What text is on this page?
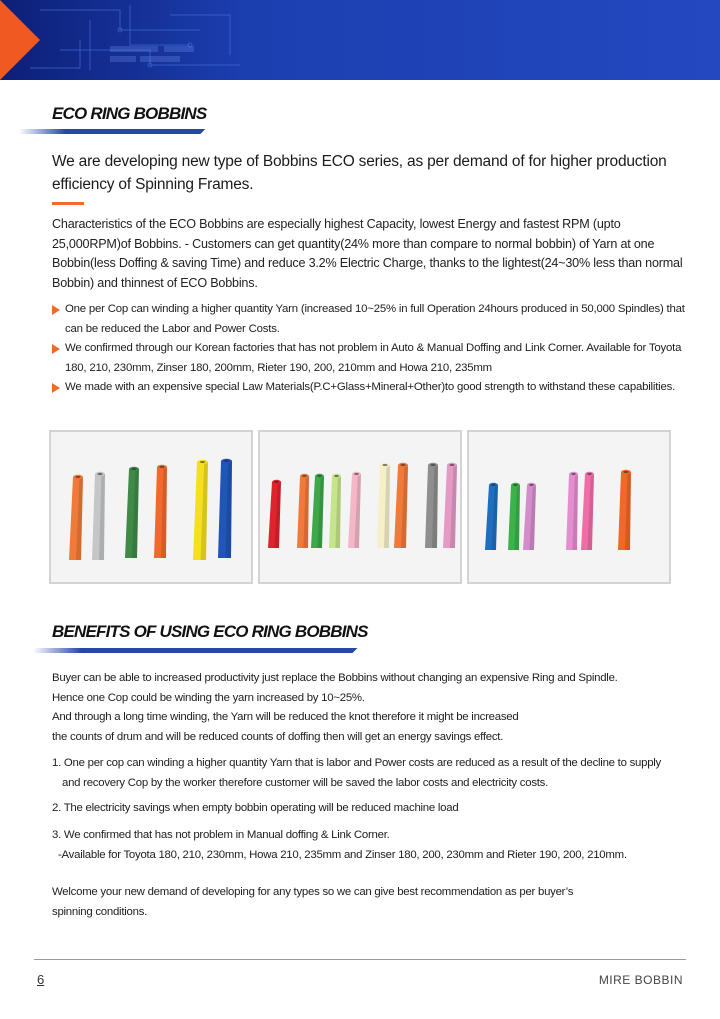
ECO RING BOBBINS
We are developing new type of Bobbins ECO series, as per demand of for higher production efficiency of Spinning Frames.
Characteristics of the ECO Bobbins are especially highest Capacity, lowest Energy and fastest RPM (upto 25,000RPM)of Bobbins. - Customers can get quantity(24% more than compare to normal bobbin) of Yarn at one Bobbin(less Doffing & saving Time) and reduce 3.2% Electric Charge, thanks to the lightest(24~30% less than normal Bobbin) and thinnest of ECO Bobbins.
One per Cop can winding a higher quantity Yarn (increased 10~25% in full Operation 24hours produced in 50,000 Spindles) that can be reduced the Labor and Power Costs.
We confirmed through our Korean factories that has not problem in Auto & Manual Doffing and Link Corner. Available for Toyota 180, 210, 230mm, Zinser 180, 200mm, Rieter 190, 200, 210mm and Howa 210, 235mm
We made with an expensive special Law Materials(P.C+Glass+Mineral+Other)to good strength to withstand these capabilities.
BENEFITS OF USING ECO RING BOBBINS
Buyer can be able to increased productivity just replace the Bobbins without changing an expensive Ring and Spindle.
Hence one Cop could be winding the yarn increased by 10~25%.
And through a long time winding, the Yarn will be reduced the knot therefore it might be increased
the counts of drum and will be reduced counts of doffing then will get an energy savings effect.
1. One per cop can winding a higher quantity Yarn that is labor and Power costs are reduced as a result of the decline to supply
and recovery Cop by the worker therefore customer will be saved the labor costs and electricity costs.
2. The electricity savings when empty bobbin operating will be reduced machine load
3. We confirmed that has not problem in Manual doffing & Link Corner.
-Available for Toyota 180, 210, 230mm, Howa 210, 235mm and Zinser 180, 200, 230mm and Rieter 190, 200, 210mm.
Welcome your new demand of developing for any types so we can give best recommendation as per buyer’s
spinning conditions.
6	MIRE BOBBIN
